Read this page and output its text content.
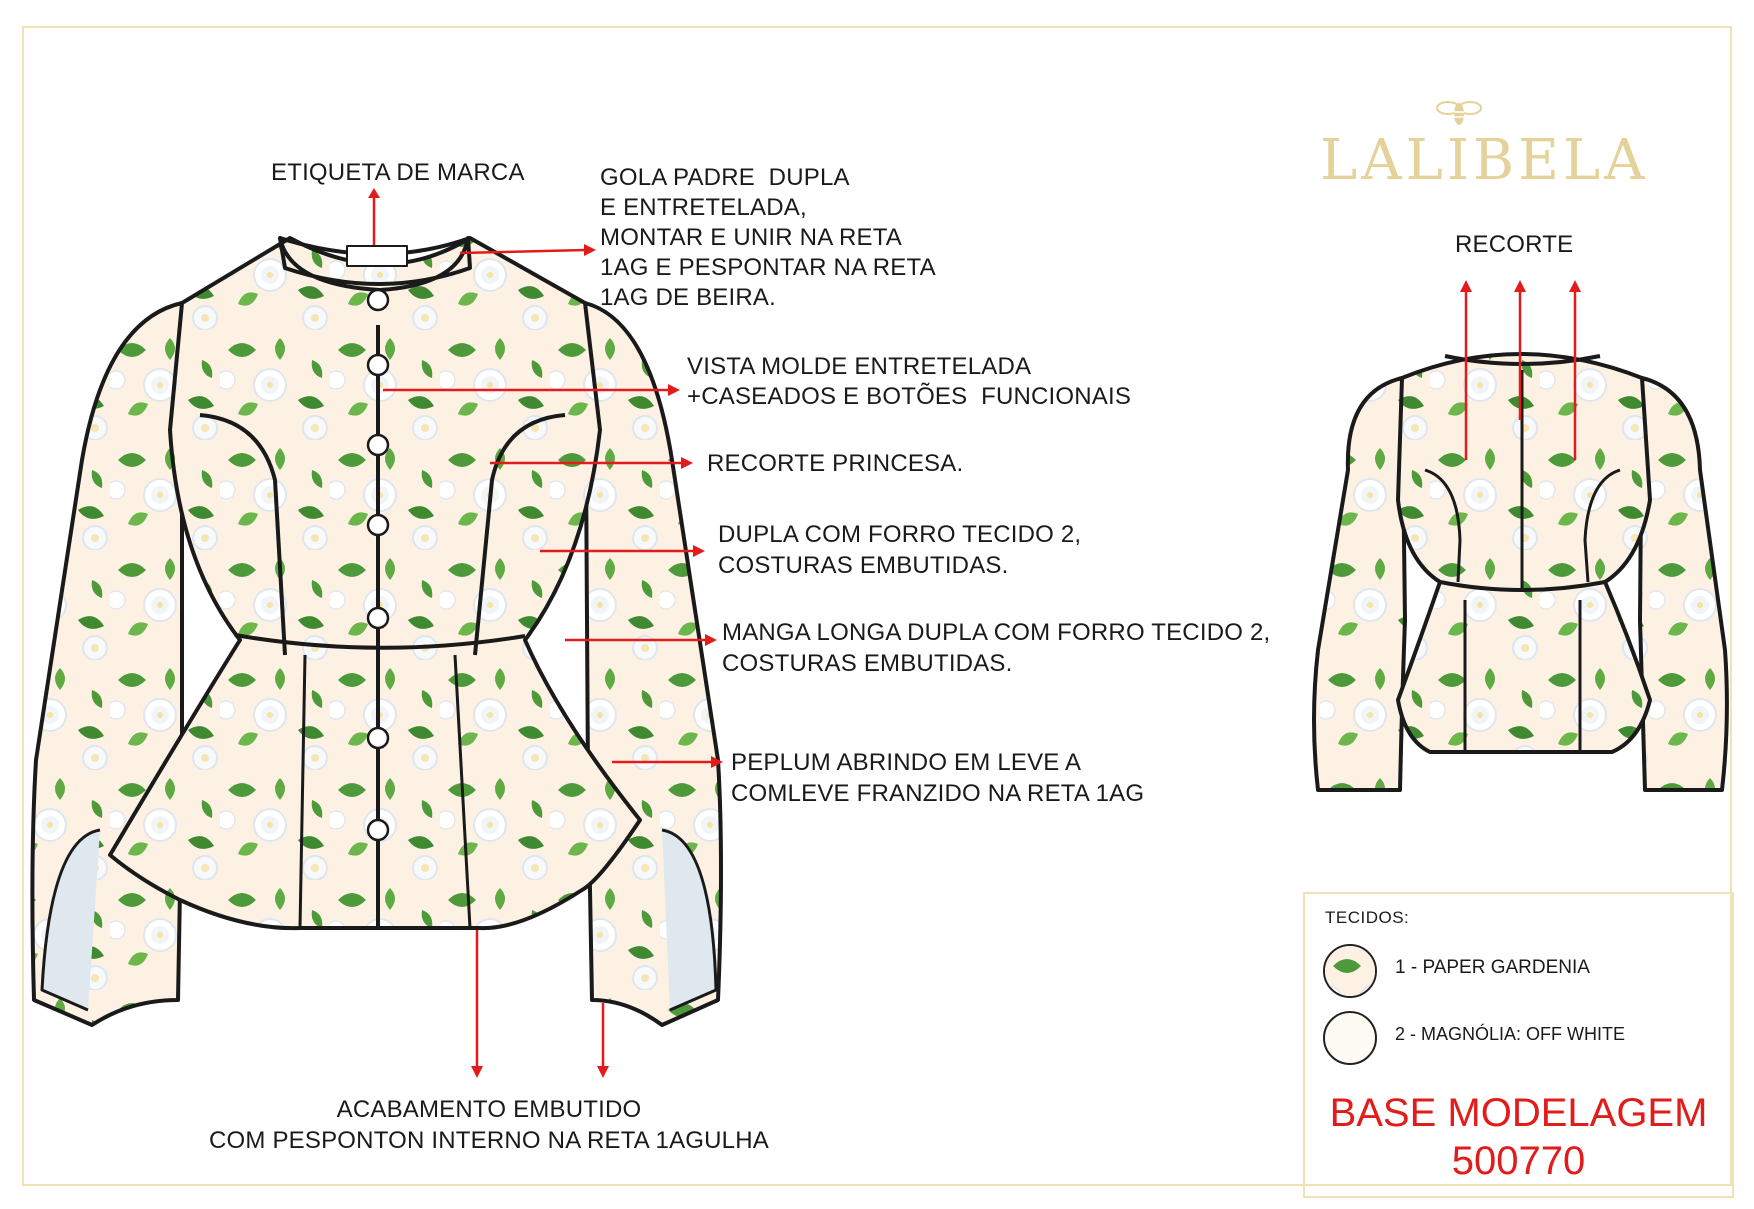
LALIBELA
ETIQUETA DE MARCA	GOLA PADRE  DUPLA
E ENTRETELADA,
MONTAR E UNIR NA RETA
1AG E PESPONTAR NA RETA
1AG DE BEIRA.
VISTA MOLDE ENTRETELADA
+CASEADOS E BOTÕES  FUNCIONAIS
RECORTE PRINCESA.
DUPLA COM FORRO TECIDO 2,
COSTURAS EMBUTIDAS.
MANGA LONGA DUPLA COM FORRO TECIDO 2,
COSTURAS EMBUTIDAS.
PEPLUM ABRINDO EM LEVE A
COMLEVE FRANZIDO NA RETA 1AG
ACABAMENTO EMBUTIDO
COM PESPONTON INTERNO NA RETA 1AGULHA
RECORTE
TECIDOS:
1 - PAPER GARDENIA
2 - MAGNÓLIA: OFF WHITE
BASE MODELAGEM
500770
